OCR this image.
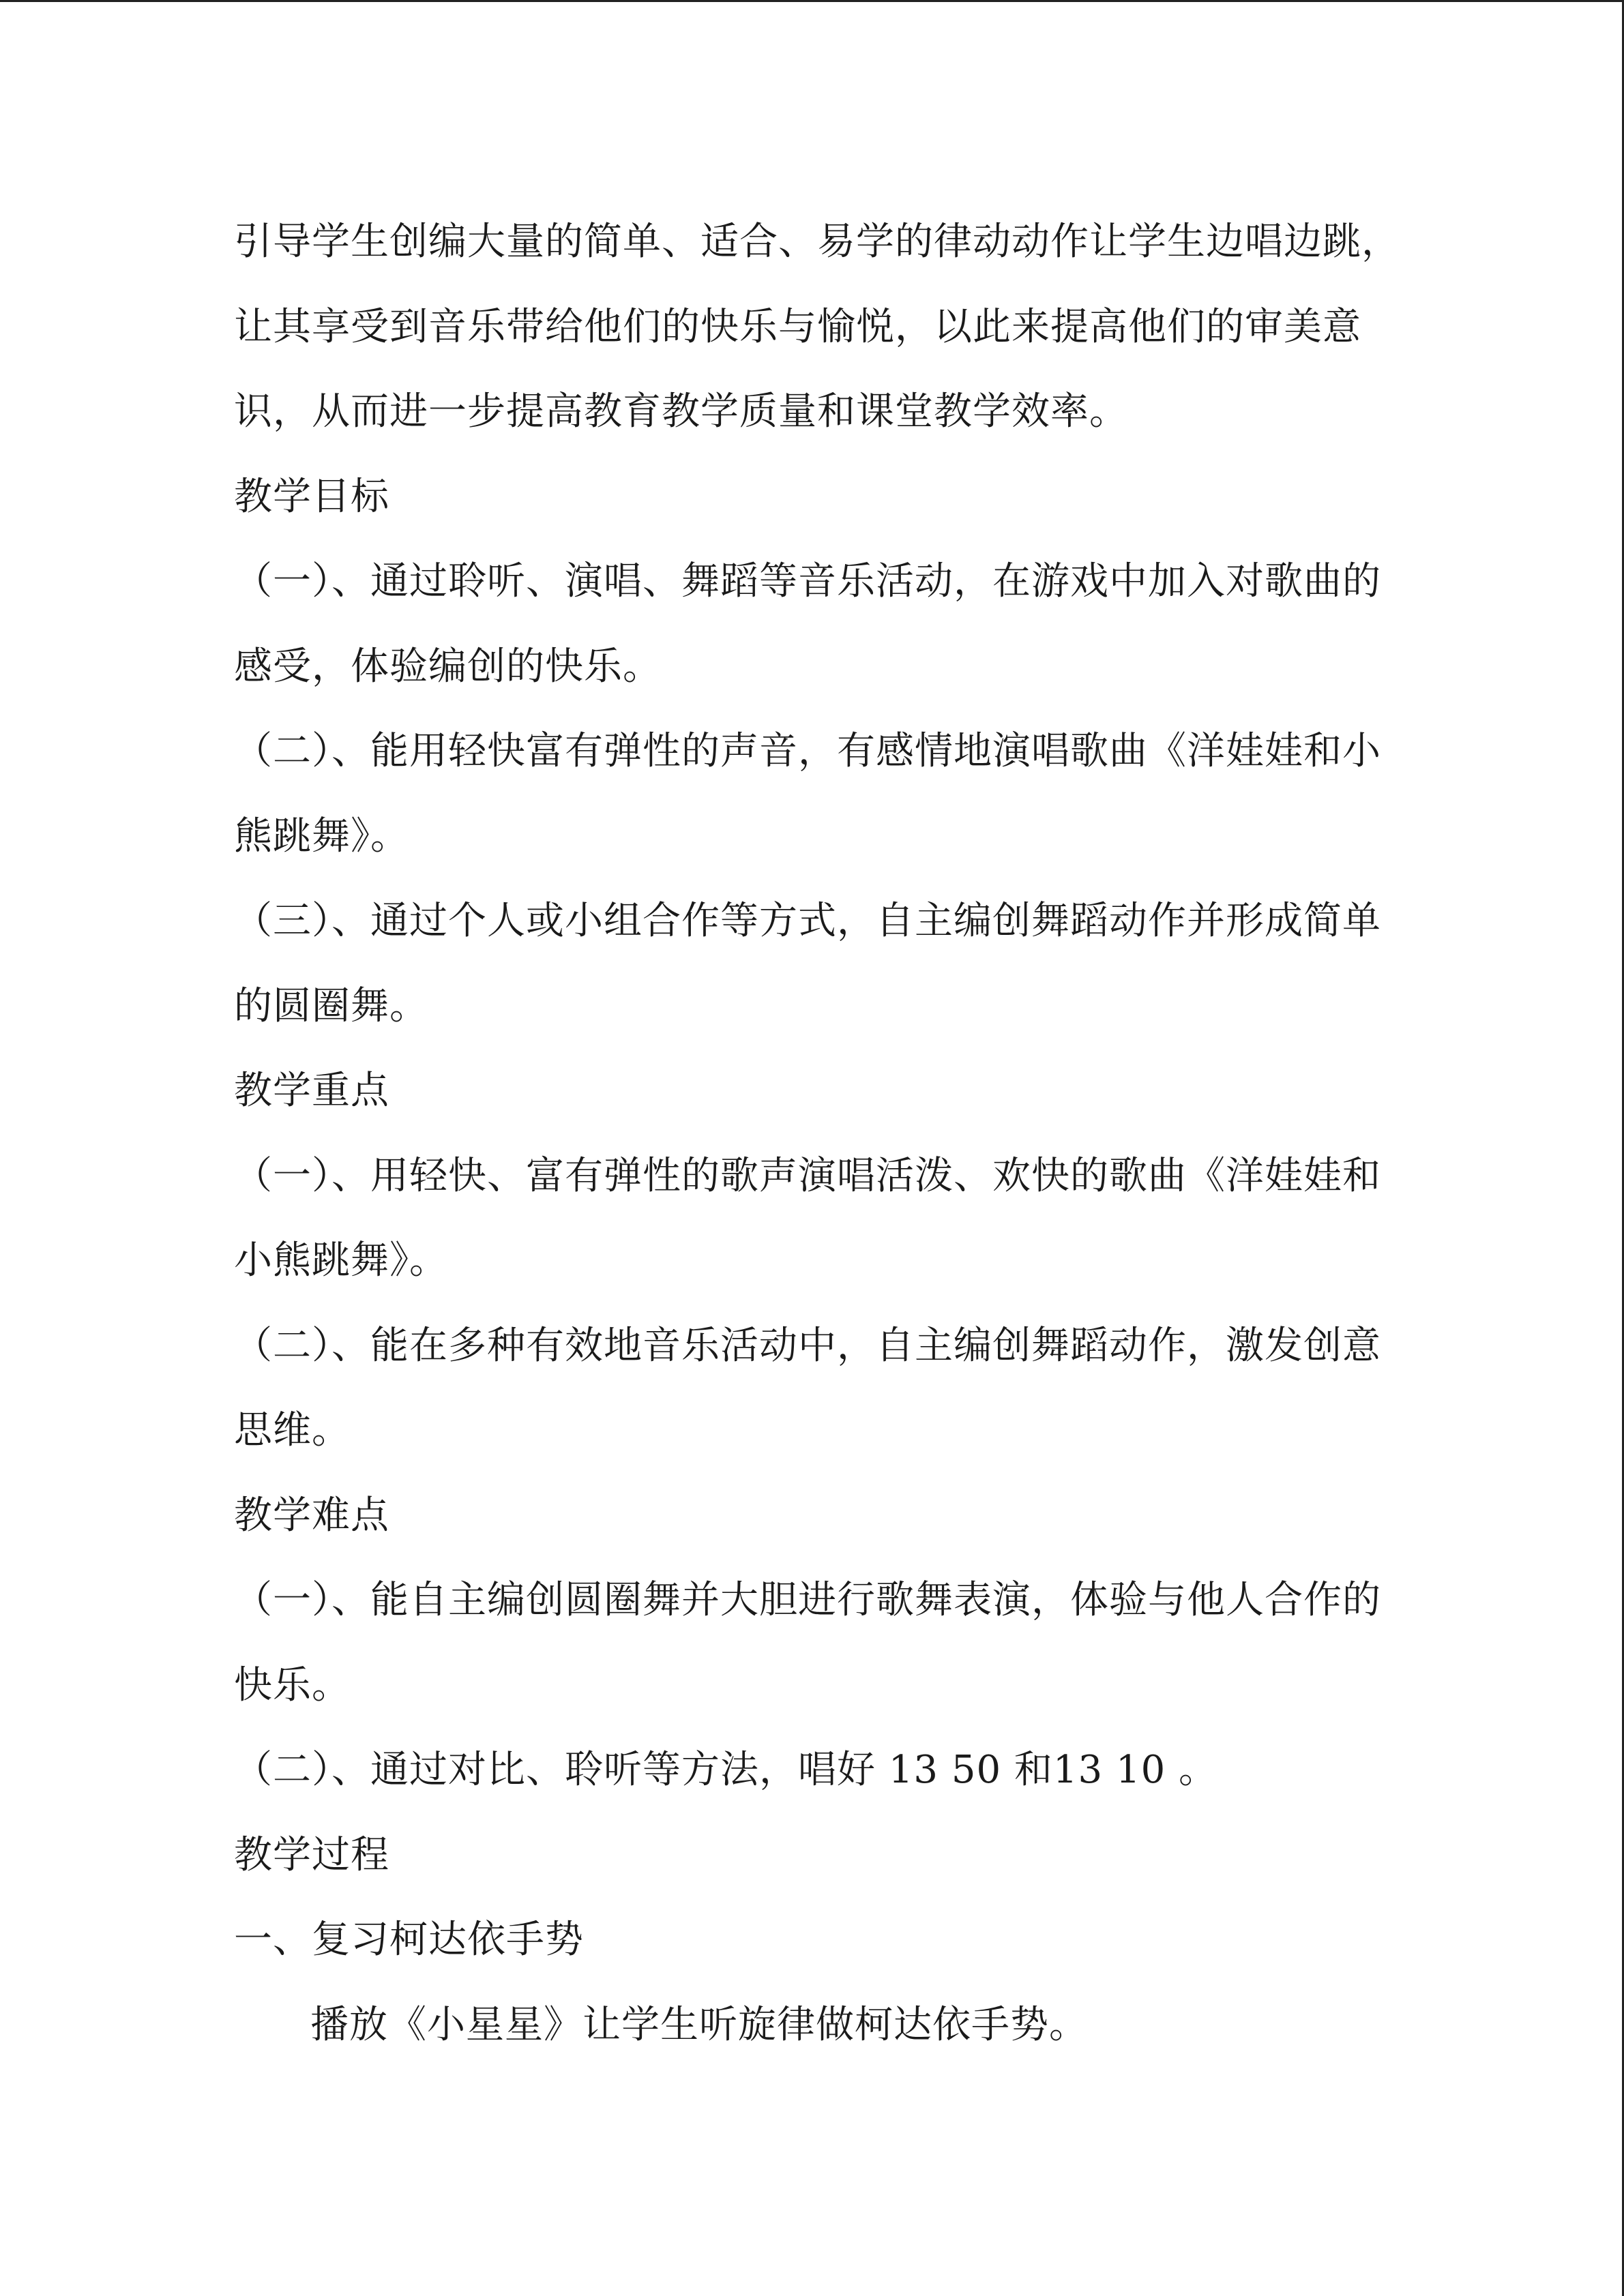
引导学生创编大量的简单、适合、易学的律动动作让学生边唱边跳，
让其享受到音乐带给他们的快乐与愉悦，以此来提高他们的审美意
识，从而进一步提高教育教学质量和课堂教学效率。
教学目标
（一）、通过聆听、演唱、舞蹈等音乐活动，在游戏中加入对歌曲的
感受，体验编创的快乐。
（二）、能用轻快富有弹性的声音，有感情地演唱歌曲《洋娃娃和小
熊跳舞》。
（三）、通过个人或小组合作等方式，自主编创舞蹈动作并形成简单
的圆圈舞。
教学重点
（一）、用轻快、富有弹性的歌声演唱活泼、欢快的歌曲《洋娃娃和
小熊跳舞》。
（二）、能在多种有效地音乐活动中，自主编创舞蹈动作，激发创意
思维。
教学难点
（一）、能自主编创圆圈舞并大胆进行歌舞表演，体验与他人合作的
快乐。
（二）、通过对比、聆听等方法，唱好 13 50 和13 10 。
教学过程
一、复习柯达依手势
播放《小星星》让学生听旋律做柯达依手势。
